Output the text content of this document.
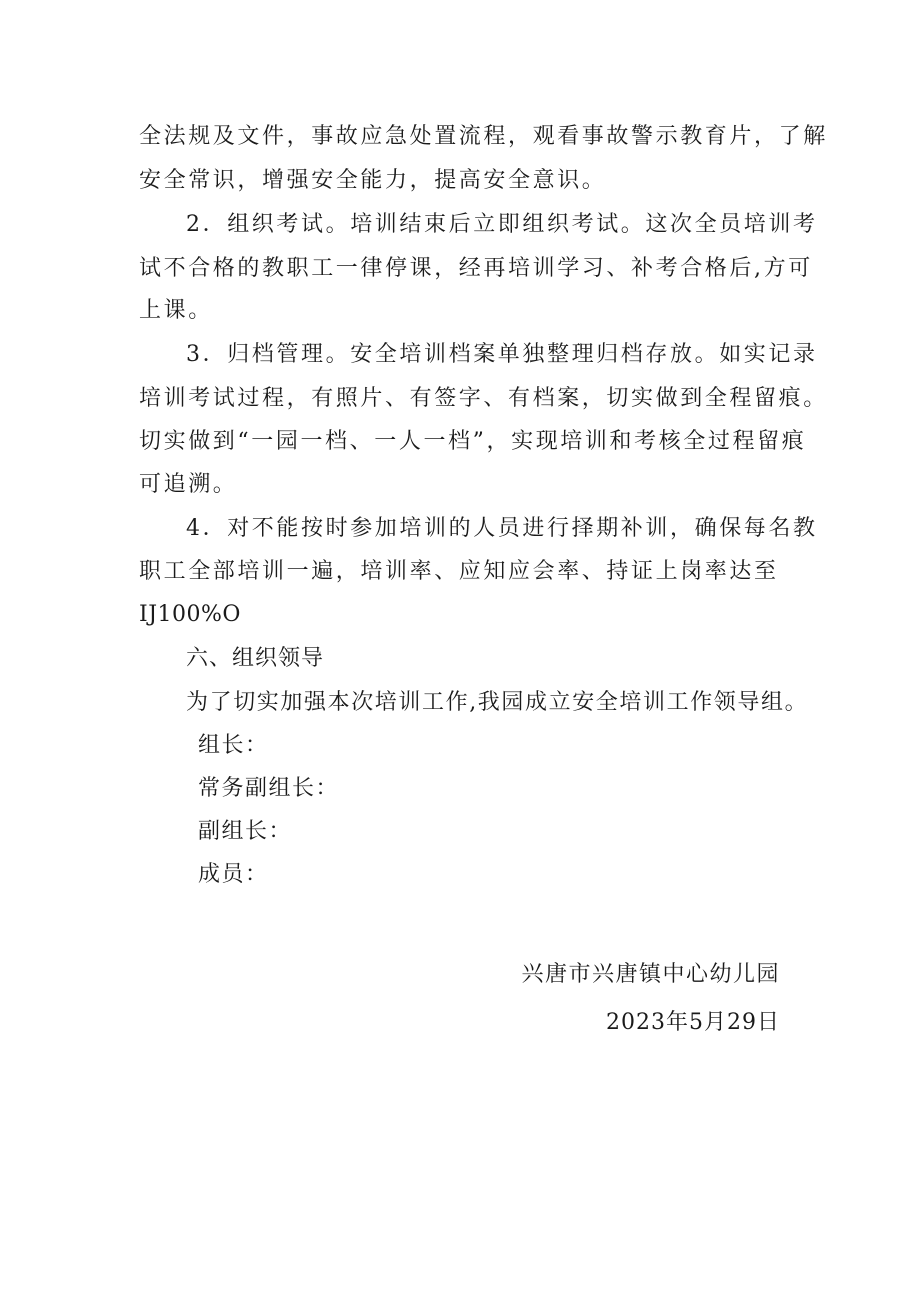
全法规及文件，事故应急处置流程，观看事故警示教育片，了解
安全常识，增强安全能力，提高安全意识。
2．组织考试。培训结束后立即组织考试。这次全员培训考
试不合格的教职工一律停课，经再培训学习、补考合格后,方可
上课。
3．归档管理。安全培训档案单独整理归档存放。如实记录
培训考试过程，有照片、有签字、有档案，切实做到全程留痕。
切实做到“一园一档、一人一档”，实现培训和考核全过程留痕
可追溯。
4．对不能按时参加培训的人员进行择期补训，确保每名教
职工全部培训一遍，培训率、应知应会率、持证上岗率达至
IJ100%O
六、组织领导
为了切实加强本次培训工作,我园成立安全培训工作领导组。
组长：
常务副组长：
副组长：
成员：
兴唐市兴唐镇中心幼儿园
2023年5月29日
